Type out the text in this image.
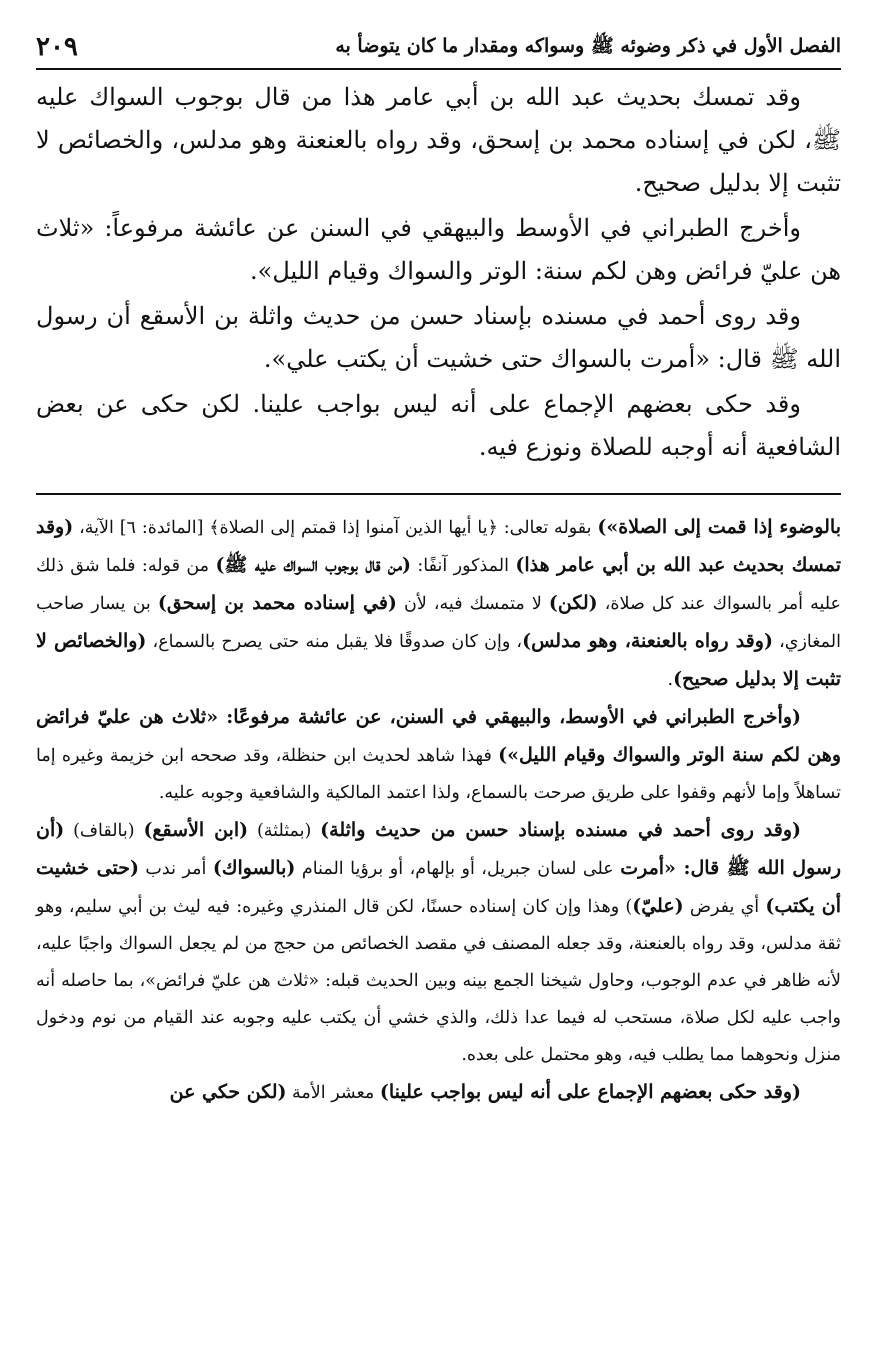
الفصل الأول في ذكر وضوئه ﷺ وسواكه ومقدار ما كان يتوضأ به
٢٠٩

وقد تمسك بحديث عبد الله بن أبي عامر هذا من قال بوجوب السواك عليه ﷺ، لكن في إسناده محمد بن إسحق، وقد رواه بالعنعنة وهو مدلس، والخصائص لا تثبت إلا بدليل صحيح.

وأخرج الطبراني في الأوسط والبيهقي في السنن عن عائشة مرفوعاً: «ثلاث هن عليّ فرائض وهن لكم سنة: الوتر والسواك وقيام الليل».

وقد روى أحمد في مسنده بإسناد حسن من حديث واثلة بن الأسقع أن رسول الله ﷺ قال: «أمرت بالسواك حتى خشيت أن يكتب علي».

وقد حكى بعضهم الإجماع على أنه ليس بواجب علينا. لكن حكى عن بعض الشافعية أنه أوجبه للصلاة ونوزع فيه.

بالوضوء إذا قمت إلى الصلاة») بقوله تعالى: ﴿يا أيها الذين آمنوا إذا قمتم إلى الصلاة﴾ [المائدة: ٦] الآية، (وقد تمسك بحديث عبد الله بن أبي عامر هذا) المذكور آنفًا: (من قال بوجوب السواك عليه ﷺ) من قوله: فلما شق ذلك عليه أمر بالسواك عند كل صلاة، (لكن) لا متمسك فيه، لأن (في إسناده محمد بن إسحق) بن يسار صاحب المغازي، (وقد رواه بالعنعنة، وهو مدلس)، وإن كان صدوقًا فلا يقبل منه حتى يصرح بالسماع، (والخصائص لا تثبت إلا بدليل صحيح).

(وأخرج الطبراني في الأوسط، والبيهقي في السنن، عن عائشة مرفوعًا: «ثلاث هن عليّ فرائض وهن لكم سنة الوتر والسواك وقيام الليل») فهذا شاهد لحديث ابن حنظلة، وقد صححه ابن خزيمة وغيره إما تساهلاً وإما لأنهم وقفوا على طريق صرحت بالسماع، ولذا اعتمد المالكية والشافعية وجوبه عليه.

(وقد روى أحمد في مسنده بإسناد حسن من حديث واثلة) (بمثلثة) (ابن الأسقع) (بالقاف) (أن رسول الله ﷺ قال: «أمرت على لسان جبريل، أو بإلهام، أو برؤيا المنام (بالسواك) أمر ندب (حتى خشيت أن يكتب) أي يفرض (عليّ)) وهذا وإن كان إسناده حسنًا، لكن قال المنذري وغيره: فيه ليث بن أبي سليم، وهو ثقة مدلس، وقد رواه بالعنعنة، وقد جعله المصنف في مقصد الخصائص من حجج من لم يجعل السواك واجبًا عليه، لأنه ظاهر في عدم الوجوب، وحاول شيخنا الجمع بينه وبين الحديث قبله: «ثلاث هن عليّ فرائض»، بما حاصله أنه واجب عليه لكل صلاة، مستحب له فيما عدا ذلك، والذي خشي أن يكتب عليه وجوبه عند القيام من نوم ودخول منزل ونحوهما مما يطلب فيه، وهو محتمل على بعده.

(وقد حكى بعضهم الإجماع على أنه ليس بواجب علينا) معشر الأمة (لكن حكي عن
